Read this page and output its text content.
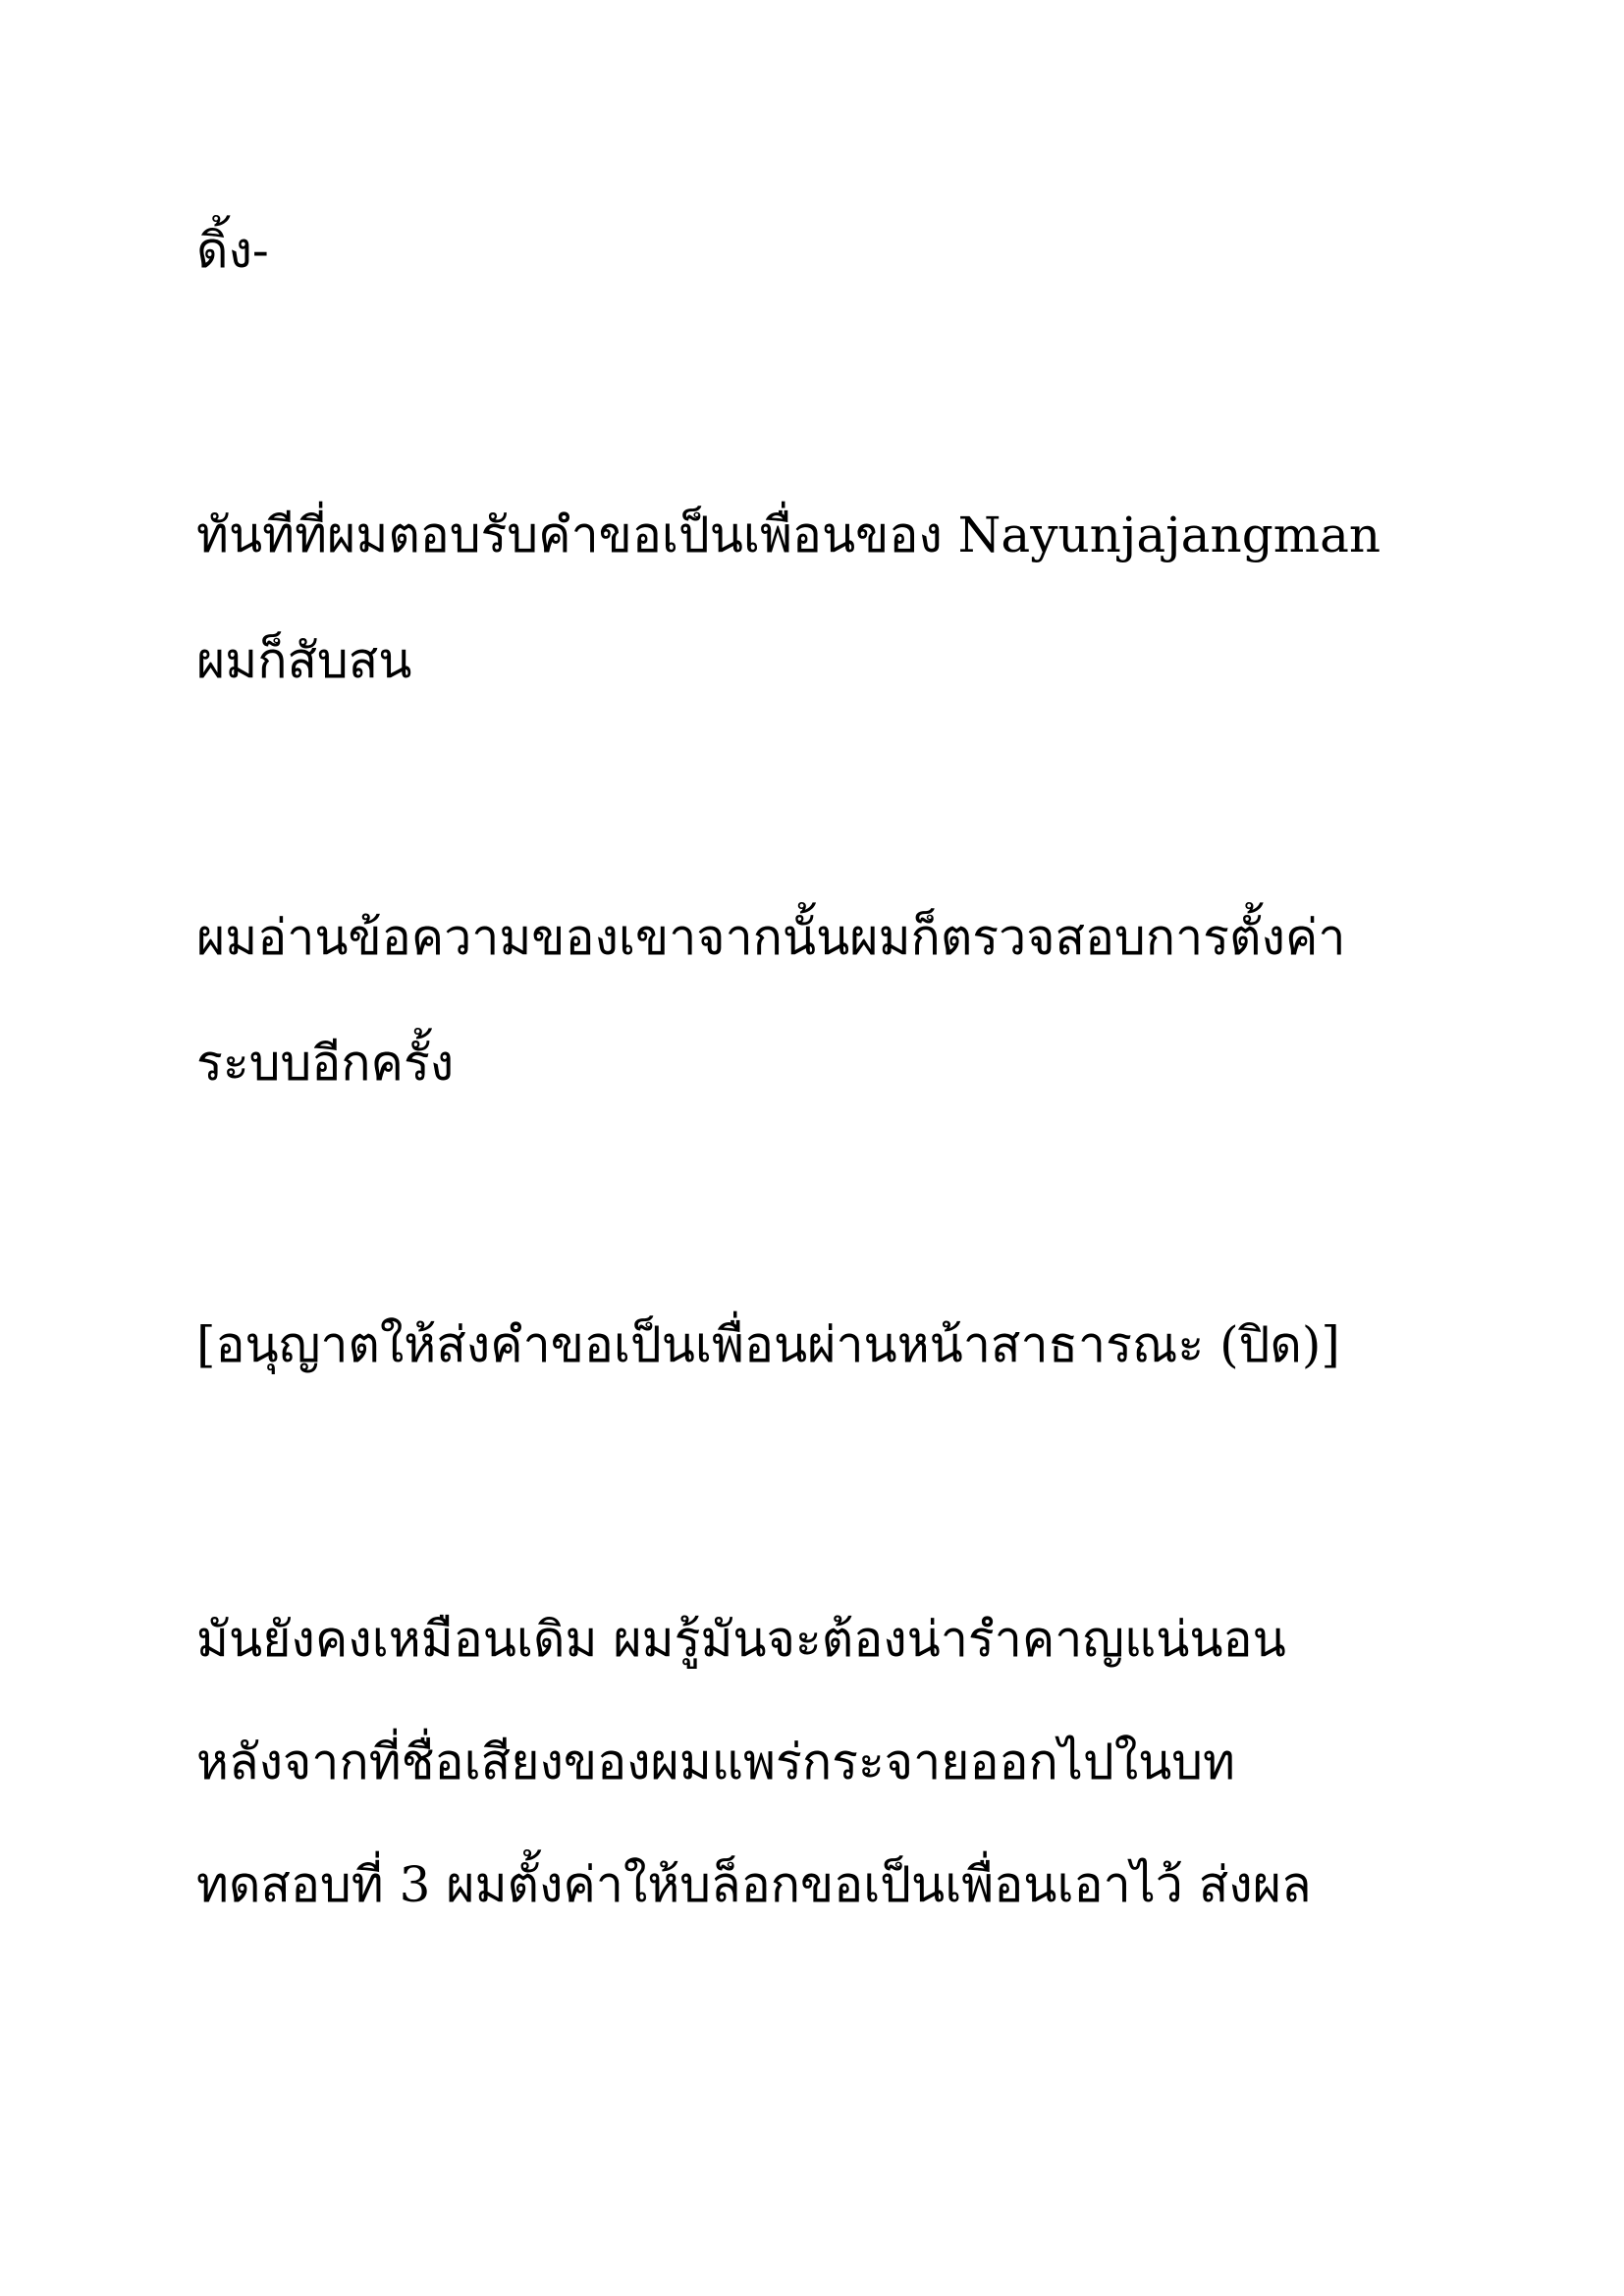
ดิ้ง-

ทันทีที่ผมตอบรับคำขอเป็นเพื่อนของ Nayunjajangman

ผมก็สับสน

ผมอ่านข้อความของเขาจากนั้นผมก็ตรวจสอบการตั้งค่า

ระบบอีกครั้ง

[อนุญาตให้ส่งคำขอเป็นเพื่อนผ่านหน้าสาธารณะ (ปิด)]

มันยังคงเหมือนเดิม ผมรู้มันจะต้องน่ารำคาญแน่นอน

หลังจากที่ชื่อเสียงของผมแพร่กระจายออกไปในบท

ทดสอบที่ 3 ผมตั้งค่าให้บล็อกขอเป็นเพื่อนเอาไว้ ส่งผล
